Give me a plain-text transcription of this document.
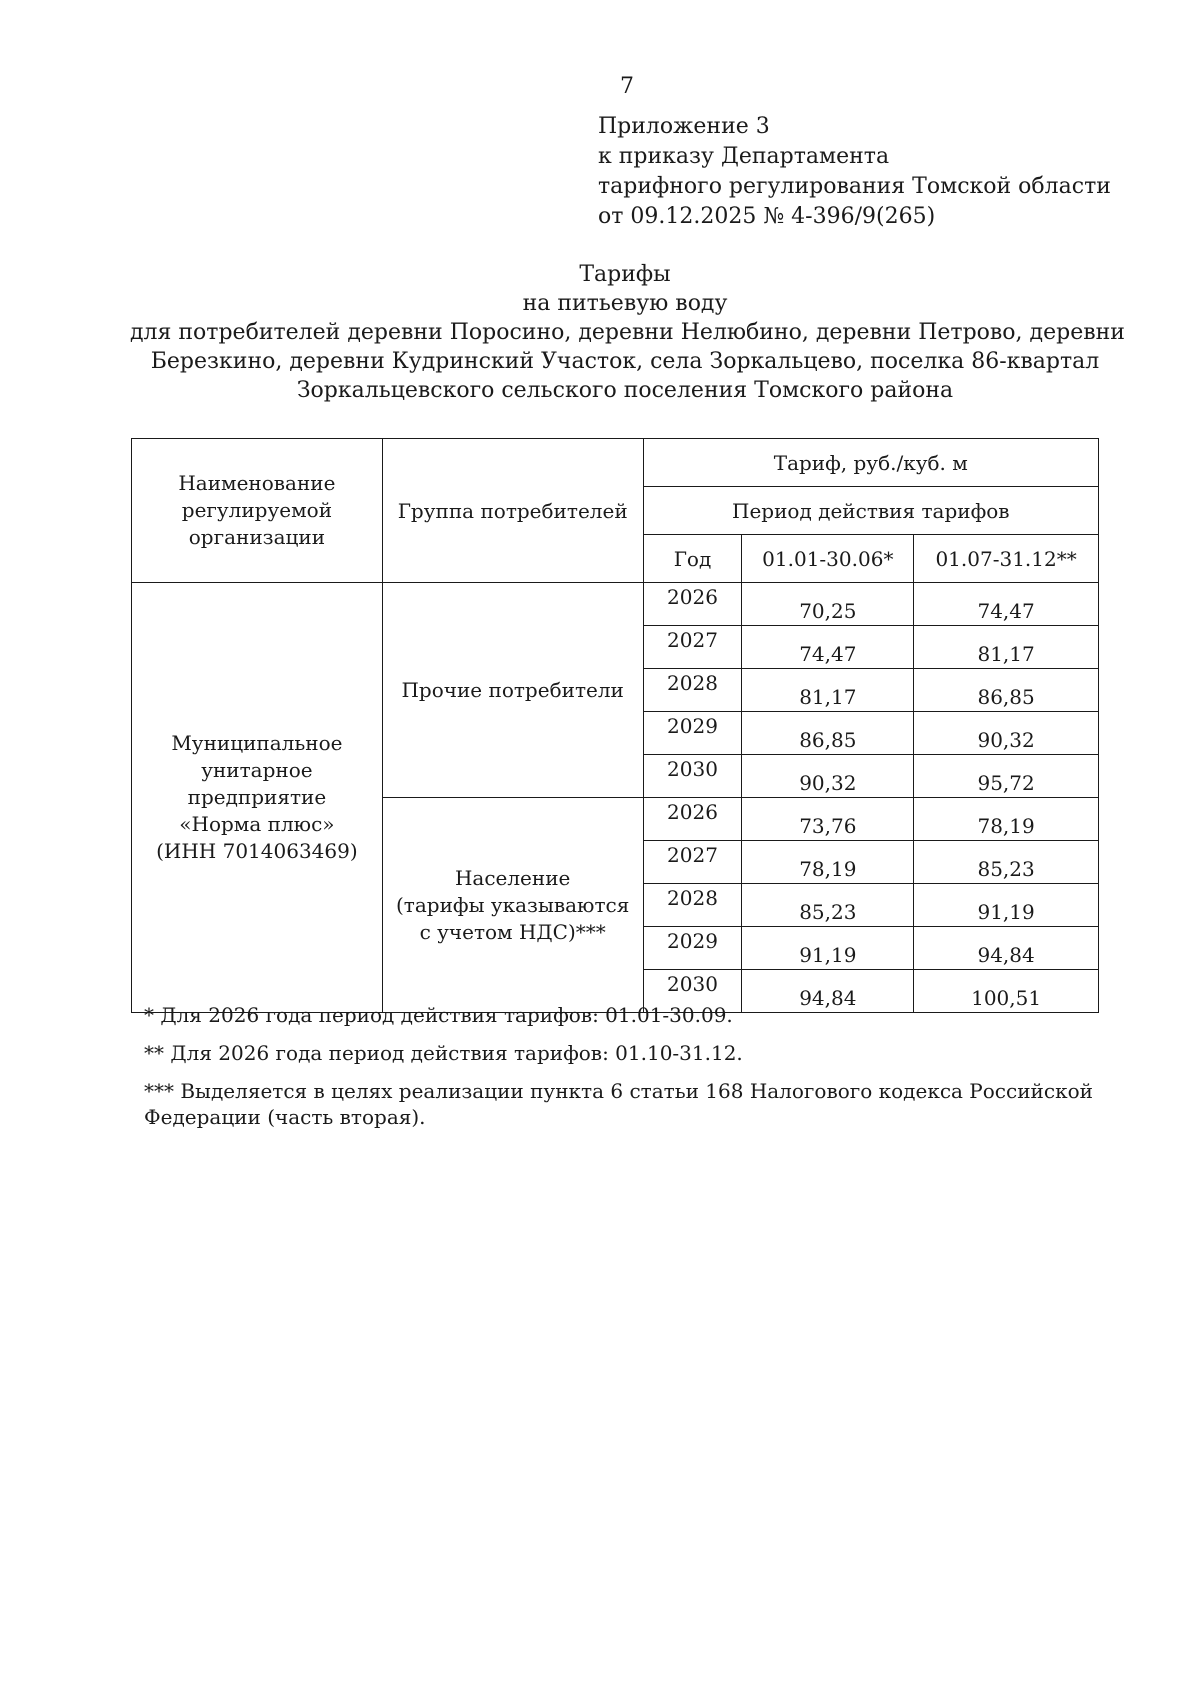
7
Приложение 3
к приказу Департамента
тарифного регулирования Томской области
от 09.12.2025 № 4-396/9(265)
Тарифы
на питьевую воду
для потребителей деревни Поросино, деревни Нелюбино, деревни Петрово, деревни
Березкино, деревни Кудринский Участок, села Зоркальцево, поселка 86-квартал
Зоркальцевского сельского поселения Томского района
Наименование
регулируемой
организации	Группа потребителей	Тариф, руб./куб. м		
		Период действия тарифов		
		Год	01.01-30.06*	01.07-31.12**

Муниципальное
унитарное
предприятие
«Норма плюс»
(ИНН 7014063469)	Прочие потребители	2026	70,25	74,47
		2027	74,47	81,17
		2028	81,17	86,85
		2029	86,85	90,32
		2030	90,32	95,72

	Население
(тарифы указываются
с учетом НДС)***	2026	73,76	78,19
		2027	78,19	85,23
		2028	85,23	91,19
		2029	91,19	94,84
		2030	94,84	100,51

* Для 2026 года период действия тарифов: 01.01-30.09.

** Для 2026 года период действия тарифов: 01.10-31.12.

*** Выделяется в целях реализации пункта 6 статьи 168 Налогового кодекса Российской
Федерации (часть вторая).
